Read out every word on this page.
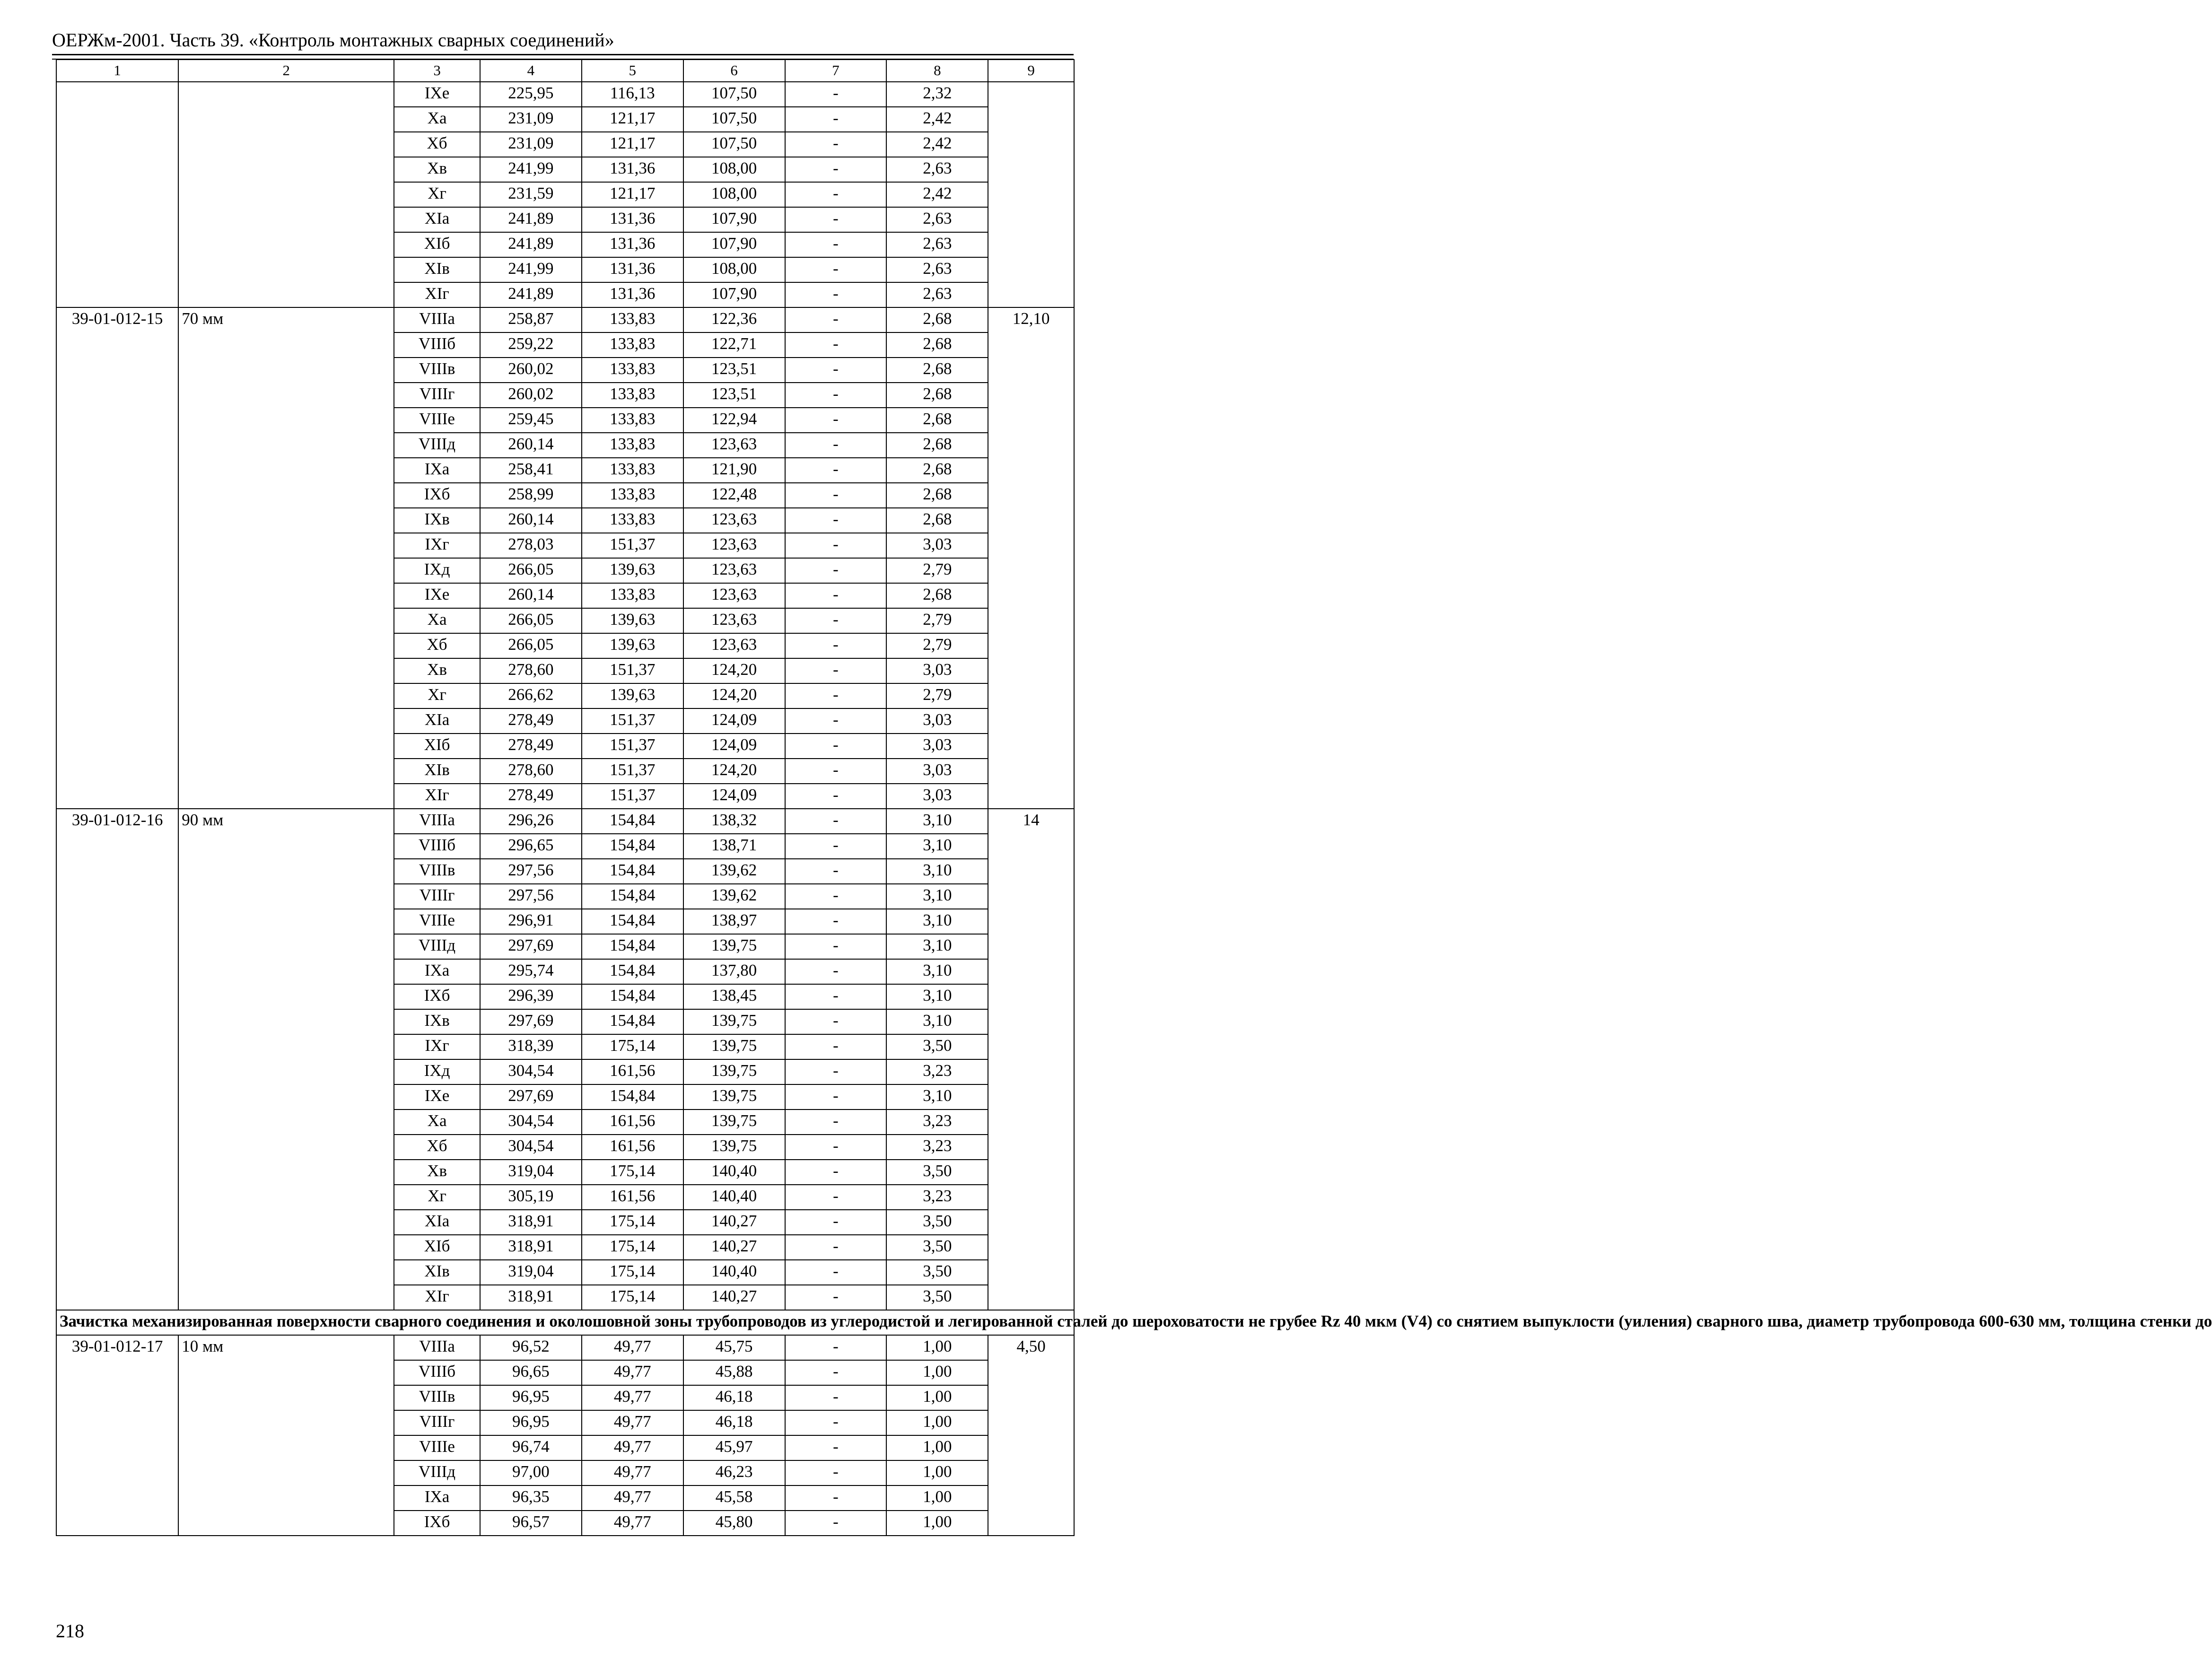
ОЕРЖм-2001. Часть 39. «Контроль монтажных сварных соединений»
1	2	3	4	5	6	7	8	9
		IXe	225,95	116,13	107,50	-	2,32	
		Xa	231,09	121,17	107,50	-	2,42	
		Xб	231,09	121,17	107,50	-	2,42	
		Xв	241,99	131,36	108,00	-	2,63	
		Xг	231,59	121,17	108,00	-	2,42	
		XIa	241,89	131,36	107,90	-	2,63	
		XIб	241,89	131,36	107,90	-	2,63	
		XIв	241,99	131,36	108,00	-	2,63	
		XIг	241,89	131,36	107,90	-	2,63	
39-01-012-15	70 мм	VIIIa	258,87	133,83	122,36	-	2,68	12,10
		VIIIб	259,22	133,83	122,71	-	2,68	
		VIIIв	260,02	133,83	123,51	-	2,68	
		VIIIг	260,02	133,83	123,51	-	2,68	
		VIIIe	259,45	133,83	122,94	-	2,68	
		VIIIд	260,14	133,83	123,63	-	2,68	
		IXa	258,41	133,83	121,90	-	2,68	
		IXб	258,99	133,83	122,48	-	2,68	
		IXв	260,14	133,83	123,63	-	2,68	
		IXг	278,03	151,37	123,63	-	3,03	
		IXд	266,05	139,63	123,63	-	2,79	
		IXe	260,14	133,83	123,63	-	2,68	
		Xa	266,05	139,63	123,63	-	2,79	
		Xб	266,05	139,63	123,63	-	2,79	
		Xв	278,60	151,37	124,20	-	3,03	
		Xг	266,62	139,63	124,20	-	2,79	
		XIa	278,49	151,37	124,09	-	3,03	
		XIб	278,49	151,37	124,09	-	3,03	
		XIв	278,60	151,37	124,20	-	3,03	
		XIг	278,49	151,37	124,09	-	3,03	
39-01-012-16	90 мм	VIIIa	296,26	154,84	138,32	-	3,10	14
		VIIIб	296,65	154,84	138,71	-	3,10	
		VIIIв	297,56	154,84	139,62	-	3,10	
		VIIIг	297,56	154,84	139,62	-	3,10	
		VIIIe	296,91	154,84	138,97	-	3,10	
		VIIIд	297,69	154,84	139,75	-	3,10	
		IXa	295,74	154,84	137,80	-	3,10	
		IXб	296,39	154,84	138,45	-	3,10	
		IXв	297,69	154,84	139,75	-	3,10	
		IXг	318,39	175,14	139,75	-	3,50	
		IXд	304,54	161,56	139,75	-	3,23	
		IXe	297,69	154,84	139,75	-	3,10	
		Xa	304,54	161,56	139,75	-	3,23	
		Xб	304,54	161,56	139,75	-	3,23	
		Xв	319,04	175,14	140,40	-	3,50	
		Xг	305,19	161,56	140,40	-	3,23	
		XIa	318,91	175,14	140,27	-	3,50	
		XIб	318,91	175,14	140,27	-	3,50	
		XIв	319,04	175,14	140,40	-	3,50	
		XIг	318,91	175,14	140,27	-	3,50	
Зачистка механизированная поверхности сварного соединения и околошовной зоны трубопроводов из углеродистой и легированной сталей до шероховатости не грубее Rz 40 мкм (V4) со снятием выпуклости (уиления) сварного шва, диаметр трубопровода 600-630 мм, толщина стенки до								
39-01-012-17	10 мм	VIIIa	96,52	49,77	45,75	-	1,00	4,50
		VIIIб	96,65	49,77	45,88	-	1,00	
		VIIIв	96,95	49,77	46,18	-	1,00	
		VIIIг	96,95	49,77	46,18	-	1,00	
		VIIIe	96,74	49,77	45,97	-	1,00	
		VIIIд	97,00	49,77	46,23	-	1,00	
		IXa	96,35	49,77	45,58	-	1,00	
		IXб	96,57	49,77	45,80	-	1,00	
218
